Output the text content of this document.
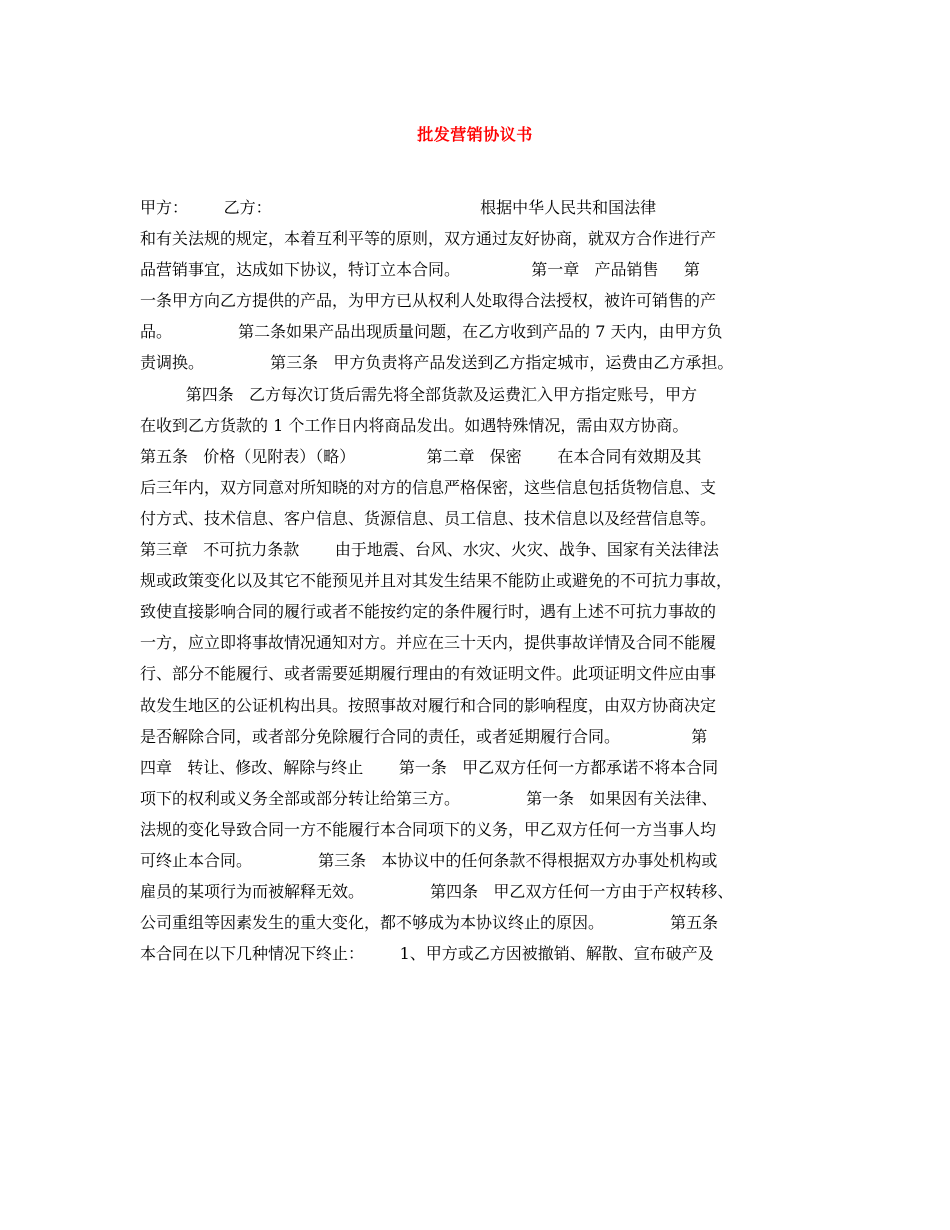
批发营销协议书
甲方：       乙方：                                         根据中华人民共和国法律
和有关法规的规定，本着互利平等的原则，双方通过友好协商，就双方合作进行产
品营销事宜，达成如下协议，特订立本合同。              第一章   产品销售     第
一条甲方向乙方提供的产品，为甲方已从权利人处取得合法授权，被许可销售的产
品。             第二条如果产品出现质量问题，在乙方收到产品的 7 天内，由甲方负
责调换。             第三条   甲方负责将产品发送到乙方指定城市，运费由乙方承担。
第四条   乙方每次订货后需先将全部货款及运费汇入甲方指定账号，甲方
在收到乙方货款的 1 个工作日内将商品发出。如遇特殊情况，需由双方协商。
第五条   价格（见附表）（略）              第二章   保密       在本合同有效期及其
后三年内，双方同意对所知晓的对方的信息严格保密，这些信息包括货物信息、支
付方式、技术信息、客户信息、货源信息、员工信息、技术信息以及经营信息等。
第三章   不可抗力条款       由于地震、台风、水灾、火灾、战争、国家有关法律法
规或政策变化以及其它不能预见并且对其发生结果不能防止或避免的不可抗力事故，
致使直接影响合同的履行或者不能按约定的条件履行时，遇有上述不可抗力事故的
一方，应立即将事故情况通知对方。并应在三十天内，提供事故详情及合同不能履
行、部分不能履行、或者需要延期履行理由的有效证明文件。此项证明文件应由事
故发生地区的公证机构出具。按照事故对履行和合同的影响程度，由双方协商决定
是否解除合同，或者部分免除履行合同的责任，或者延期履行合同。              第
四章   转让、修改、解除与终止       第一条   甲乙双方任何一方都承诺不将本合同
项下的权利或义务全部或部分转让给第三方。             第一条   如果因有关法律、
法规的变化导致合同一方不能履行本合同项下的义务，甲乙双方任何一方当事人均
可终止本合同。             第三条   本协议中的任何条款不得根据双方办事处机构或
雇员的某项行为而被解释无效。             第四条   甲乙双方任何一方由于产权转移、
公司重组等因素发生的重大变化，都不够成为本协议终止的原因。             第五条
本合同在以下几种情况下终止：       1、甲方或乙方因被撤销、解散、宣布破产及
